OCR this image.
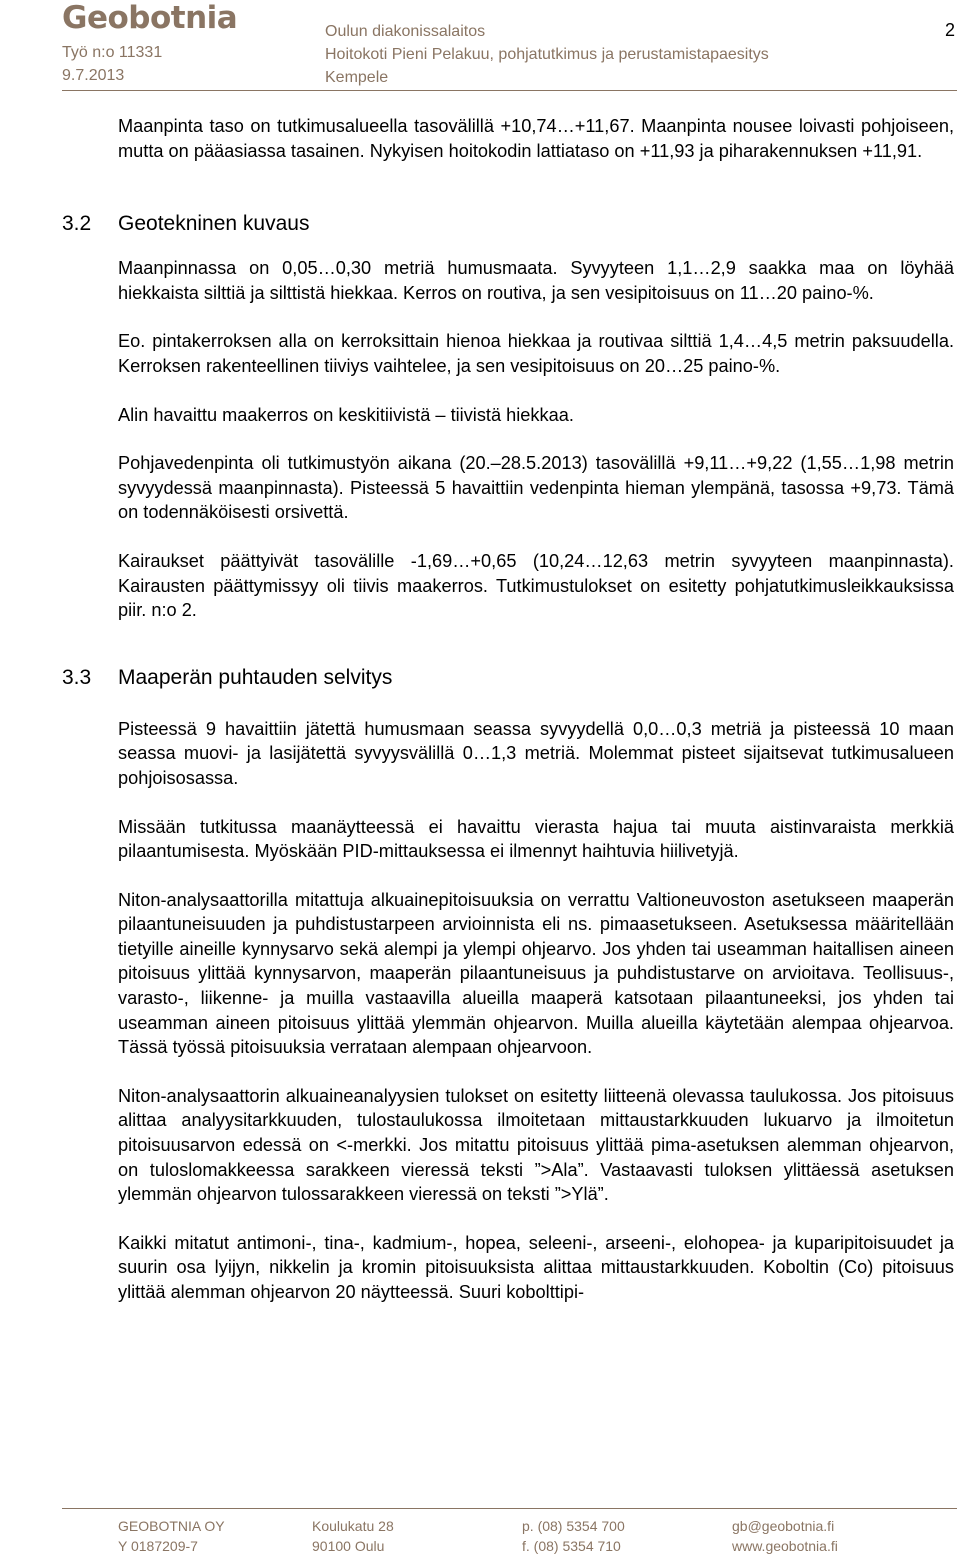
Geobotnia
Työ n:o 11331
9.7.2013
Oulun diakonissalaitos
Hoitokoti Pieni Pelakuu, pohjatutkimus ja perustamistapaesitys
Kempele
2

Maanpinta taso on tutkimusalueella tasovälillä +10,74…+11,67. Maanpinta nousee loivasti pohjoiseen, mutta on pääasiassa tasainen. Nykyisen hoitokodin lattiataso on +11,93 ja piharakennuksen +11,91.

3.2 Geotekninen kuvaus

Maanpinnassa on 0,05…0,30 metriä humusmaata. Syvyyteen 1,1…2,9 saakka maa on löyhää hiekkaista silttiä ja silttistä hiekkaa. Kerros on routiva, ja sen vesipitoisuus on 11…20 paino-%.

Eo. pintakerroksen alla on kerroksittain hienoa hiekkaa ja routivaa silttiä 1,4…4,5 metrin paksuudella. Kerroksen rakenteellinen tiiviys vaihtelee, ja sen vesipitoisuus on 20…25 paino-%.

Alin havaittu maakerros on keskitiivistä – tiivistä hiekkaa.

Pohjavedenpinta oli tutkimustyön aikana (20.–28.5.2013) tasovälillä +9,11…+9,22 (1,55…1,98 metrin syvyydessä maanpinnasta). Pisteessä 5 havaittiin vedenpinta hieman ylempänä, tasossa +9,73. Tämä on todennäköisesti orsivettä.

Kairaukset päättyivät tasovälille -1,69…+0,65 (10,24…12,63 metrin syvyyteen maanpinnasta). Kairausten päättymissyy oli tiivis maakerros. Tutkimustulokset on esitetty pohjatutkimusleikkauksissa piir. n:o 2.

3.3 Maaperän puhtauden selvitys

Pisteessä 9 havaittiin jätettä humusmaan seassa syvyydellä 0,0…0,3 metriä ja pisteessä 10 maan seassa muovi- ja lasijätettä syvyysvälillä 0…1,3 metriä. Molemmat pisteet sijaitsevat tutkimusalueen pohjoisosassa.

Missään tutkitussa maanäytteessä ei havaittu vierasta hajua tai muuta aistinvaraista merkkiä pilaantumisesta. Myöskään PID-mittauksessa ei ilmennyt haihtuvia hiilivetyjä.

Niton-analysaattorilla mitattuja alkuainepitoisuuksia on verrattu Valtioneuvoston asetukseen maaperän pilaantuneisuuden ja puhdistustarpeen arvioinnista eli ns. pimaasetukseen. Asetuksessa määritellään tietyille aineille kynnysarvo sekä alempi ja ylempi ohjearvo. Jos yhden tai useamman haitallisen aineen pitoisuus ylittää kynnysarvon, maaperän pilaantuneisuus ja puhdistustarve on arvioitava. Teollisuus-, varasto-, liikenne- ja muilla vastaavilla alueilla maaperä katsotaan pilaantuneeksi, jos yhden tai useamman aineen pitoisuus ylittää ylemmän ohjearvon. Muilla alueilla käytetään alempaa ohjearvoa. Tässä työssä pitoisuuksia verrataan alempaan ohjearvoon.

Niton-analysaattorin alkuaineanalyysien tulokset on esitetty liitteenä olevassa taulukossa. Jos pitoisuus alittaa analyysitarkkuuden, tulostaulukossa ilmoitetaan mittaustarkkuuden lukuarvo ja ilmoitetun pitoisuusarvon edessä on <-merkki. Jos mitattu pitoisuus ylittää pima-asetuksen alemman ohjearvon, on tuloslomakkeessa sarakkeen vieressä teksti ”>Ala”. Vastaavasti tuloksen ylittäessä asetuksen ylemmän ohjearvon tulossarakkeen vieressä on teksti ”>Ylä”.

Kaikki mitatut antimoni-, tina-, kadmium-, hopea, seleeni-, arseeni-, elohopea- ja kuparipitoisuudet ja suurin osa lyijyn, nikkelin ja kromin pitoisuuksista alittaa mittaustarkkuuden. Koboltin (Co) pitoisuus ylittää alemman ohjearvon 20 näytteessä. Suuri kobolttipi-

GEOBOTNIA OY
Y 0187209-7
Koulukatu 28
90100 Oulu
p. (08) 5354 700
f. (08) 5354 710
gb@geobotnia.fi
www.geobotnia.fi
